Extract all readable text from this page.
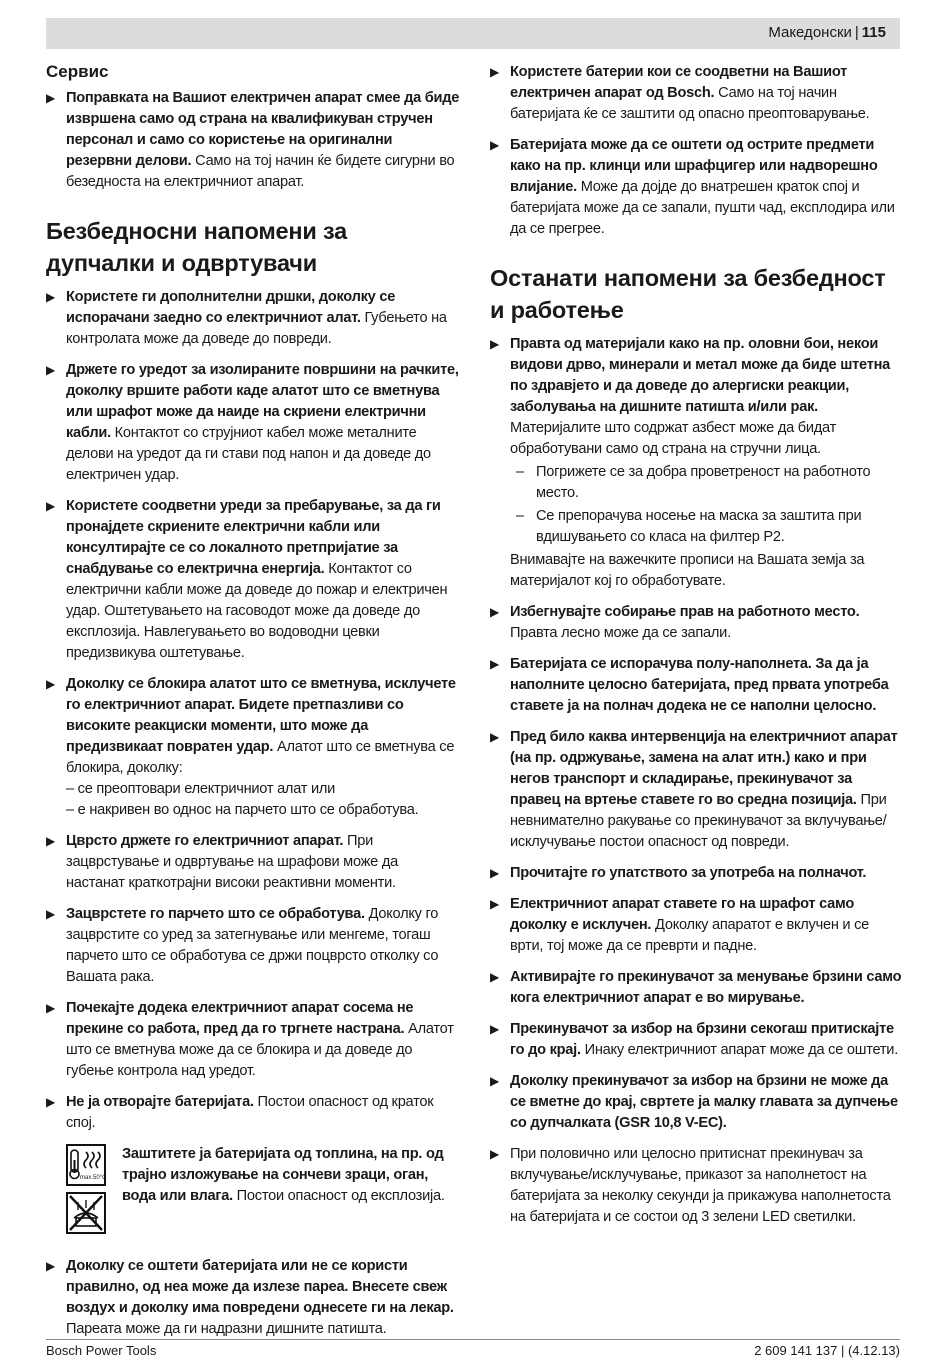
Македонски | 115
Сервис
▶ Поправката на Вашиот електричен апарат смее да биде извршена само од страна на квалификуван стручен персонал и само со користење на оригинални резервни делови. Само на тој начин ќе бидете сигурни во безедноста на електричниот апарат.
Безбедносни напомени за дупчалки и одвртувачи
▶ Користете ги дополнителни дршки, доколку се испорачани заедно со електричниот алат. Губењето на контролата може да доведе до повреди.
▶ Држете го уредот за изолираните површини на рачките, доколку вршите работи каде алатот што се вметнува или шрафот може да наиде на скриени електрични кабли. Контактот со струјниот кабел може металните делови на уредот да ги стави под напон и да доведе до електричен удар.
▶ Користете соодветни уреди за пребарување, за да ги пронајдете скриените електрични кабли или консултирајте се со локалното претпријатие за снабдување со електрична енергија. Контактот со електрични кабли може да доведе до пожар и електричен удар. Оштетувањето на гасоводот може да доведе до експлозија. Навлегувањето во водоводни цевки предизвикува оштетување.
▶ Доколку се блокира алатот што се вметнува, исклучете го електричниот апарат. Бидете претпазливи со високите реакциски моменти, што може да предизвикаат повратен удар. Алатот што се вметнува се блокира, доколку:
– се преоптовари електричниот алат или
– е накривен во однос на парчето што се обработува.
▶ Цврсто држете го електричниот апарат. При зацврстување и одвртување на шрафови може да настанат краткотрајни високи реактивни моменти.
▶ Зацврстете го парчето што се обработува. Доколку го зацврстите со уред за затегнување или менгеме, тогаш парчето што се обработува се држи поцврсто отколку со Вашата рака.
▶ Почекајте додека електричниот апарат сосема не прекине со работа, пред да го тргнете настрана. Алатот што се вметнува може да се блокира и да доведе до губење контрола над уредот.
▶ Не ја отворајте батеријата. Постои опасност од краток спој.
max.50°C
Заштитете ја батеријата од топлина, на пр. од трајно изложување на сончеви зраци, оган, вода или влага. Постои опасност од експлозија.
▶ Доколку се оштети батеријата или не се користи правилно, од неа може да излезе пареа. Внесете свеж воздух и доколку има повредени однесете ги на лекар. Пареата може да ги надразни дишните патишта.
▶ Користете батерии кои се соодветни на Вашиот електричен апарат од Bosch. Само на тој начин батеријата ќе се заштити од опасно преоптоварување.
▶ Батеријата може да се оштети од острите предмети како на пр. клинци или шрафцигер или надворешно влијание. Може да дојде до внатрешен краток спој и батеријата може да се запали, пушти чад, експлодира или да се прегрее.
Останати напомени за безбедност и работење
▶ Правта од материјали како на пр. оловни бои, некои видови дрво, минерали и метал може да биде штетна по здравјето и да доведе до алергиски реакции, заболувања на дишните патишта и/или рак. Материјалите што содржат азбест може да бидат обработувани само од страна на стручни лица.
– Погрижете се за добра проветреност на работното место.
– Се препорачува носење на маска за заштита при вдишувањето со класа на филтер P2.
Внимавајте на важечките прописи на Вашата земја за материјалот кој го обработувате.
▶ Избегнувајте собирање прав на работното место. Правта лесно може да се запали.
▶ Батеријата се испорачува полу-наполнета. За да ја наполните целосно батеријата, пред првата употреба ставете ја на полнач додека не се наполни целосно.
▶ Пред било каква интервенција на електричниот апарат (на пр. одржување, замена на алат итн.) како и при негов транспорт и складирање, прекинувачот за правец на вртење ставете го во средна позиција. При невнимателно ракување со прекинувачот за вклучување/исклучување постои опасност од повреди.
▶ Прочитајте го упатството за употреба на полначот.
▶ Електричниот апарат ставете го на шрафот само доколку е исклучен. Доколку апаратот е вклучен и се врти, тој може да се преврти и падне.
▶ Активирајте го прекинувачот за менување брзини само кога електричниот апарат е во мирување.
▶ Прекинувачот за избор на брзини секогаш притискајте го до крај. Инаку електричниот апарат може да се оштети.
▶ Доколку прекинувачот за избор на брзини не може да се вметне до крај, свртете ја малку главата за дупчење со дупчалката (GSR 10,8 V-EC).
▶ При половично или целосно притиснат прекинувач за вклучување/исклучување, приказот за наполнетост на батеријата за неколку секунди ја прикажува наполнетоста на батеријата и се состои од 3 зелени LED светилки.
Bosch Power Tools	2 609 141 137 | (4.12.13)
